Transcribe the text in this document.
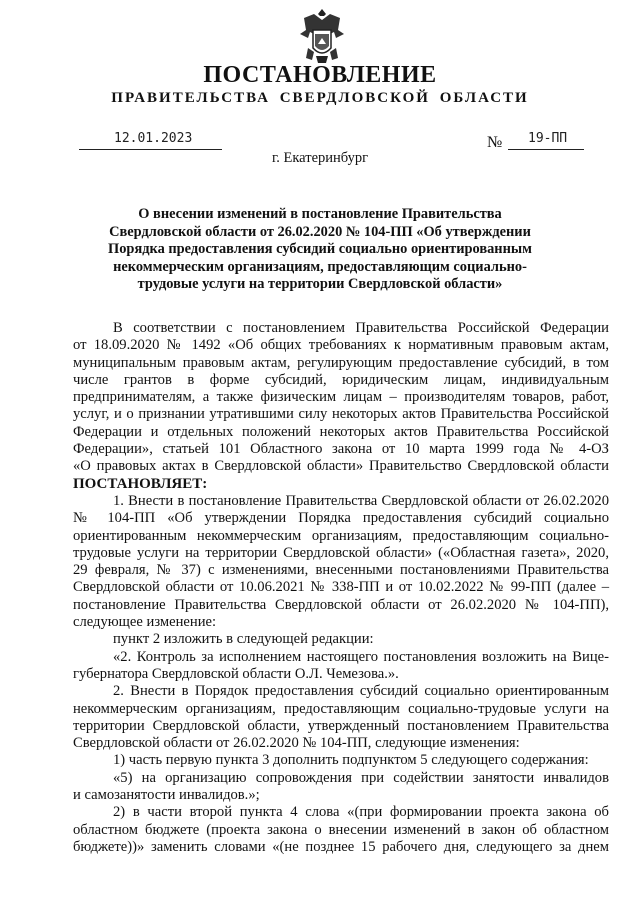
ПОСТАНОВЛЕНИЕ
ПРАВИТЕЛЬСТВА СВЕРДЛОВСКОЙ ОБЛАСТИ
12.01.2023	№ 19-ПП
г. Екатеринбург
О внесении изменений в постановление Правительства
Свердловской области от 26.02.2020 № 104-ПП «Об утверждении
Порядка предоставления субсидий социально ориентированным
некоммерческим организациям, предоставляющим социально-
трудовые услуги на территории Свердловской области»
В соответствии с постановлением Правительства Российской Федерации
от 18.09.2020 № 1492 «Об общих требованиях к нормативным правовым актам,
муниципальным правовым актам, регулирующим предоставление субсидий, в том
числе грантов в форме субсидий, юридическим лицам, индивидуальным
предпринимателям, а также физическим лицам – производителям товаров, работ,
услуг, и о признании утратившими силу некоторых актов Правительства Российской
Федерации и отдельных положений некоторых актов Правительства Российской
Федерации», статьей 101 Областного закона от 10 марта 1999 года № 4-ОЗ
«О правовых актах в Свердловской области» Правительство Свердловской области
ПОСТАНОВЛЯЕТ:
1. Внести в постановление Правительства Свердловской области от 26.02.2020
№ 104-ПП «Об утверждении Порядка предоставления субсидий социально
ориентированным некоммерческим организациям, предоставляющим социально-
трудовые услуги на территории Свердловской области» («Областная газета», 2020,
29 февраля, № 37) с изменениями, внесенными постановлениями Правительства
Свердловской области от 10.06.2021 № 338-ПП и от 10.02.2022 № 99-ПП (далее –
постановление Правительства Свердловской области от 26.02.2020 № 104-ПП),
следующее изменение:
пункт 2 изложить в следующей редакции:
«2. Контроль за исполнением настоящего постановления возложить на Вице-
губернатора Свердловской области О.Л. Чемезова.».
2. Внести в Порядок предоставления субсидий социально ориентированным
некоммерческим организациям, предоставляющим социально-трудовые услуги на
территории Свердловской области, утвержденный постановлением Правительства
Свердловской области от 26.02.2020 № 104-ПП, следующие изменения:
1) часть первую пункта 3 дополнить подпунктом 5 следующего содержания:
«5) на организацию сопровождения при содействии занятости инвалидов
и самозанятости инвалидов.»;
2) в части второй пункта 4 слова «(при формировании проекта закона об
областном бюджете (проекта закона о внесении изменений в закон об областном
бюджете))» заменить словами «(не позднее 15 рабочего дня, следующего за днем
